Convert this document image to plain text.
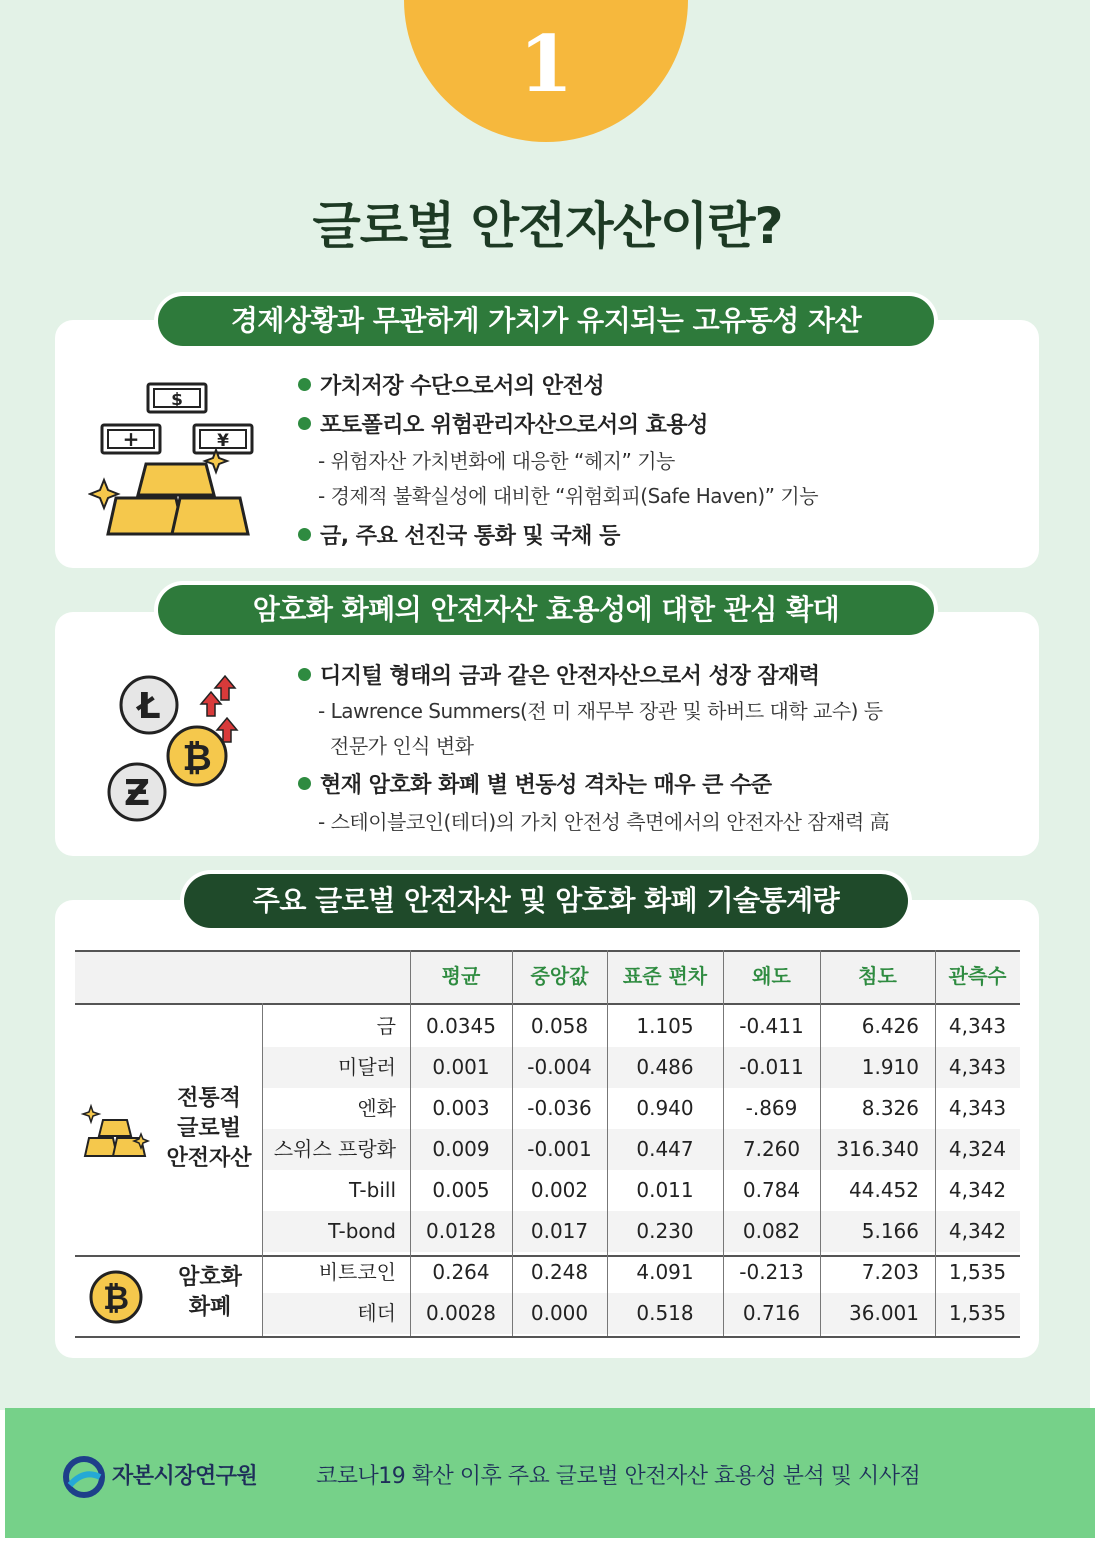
1
글로벌 안전자산이란?
경제상황과 무관하게 가치가 유지되는 고유동성 자산
$
+	¥
가치저장 수단으로서의 안전성
포토폴리오 위험관리자산으로서의 효용성
- 위험자산 가치변화에 대응한 “헤지” 기능
- 경제적 불확실성에 대비한 “위험회피(Safe Haven)” 기능
금, 주요 선진국 통화 및 국채 등
암호화 화폐의 안전자산 효용성에 대한 관심 확대
Ł
Ƶ
₿
디지털 형태의 금과 같은 안전자산으로서 성장 잠재력
- Lawrence Summers(전 미 재무부 장관 및 하버드 대학 교수) 등
전문가 인식 변화
현재 암호화 화폐 별 변동성 격차는 매우 큰 수준
- 스테이블코인(테더)의 가치 안전성 측면에서의 안전자산 잠재력 高
주요 글로벌 안전자산 및 암호화 화폐 기술통계량
평균	중앙값	표준 편차	왜도	첨도	관측수
금	0.0345	0.058	1.105	-0.411	6.426	4,343
미달러	0.001	-0.004	0.486	-0.011	1.910	4,343
엔화	0.003	-0.036	0.940	-.869	8.326	4,343
스위스 프랑화	0.009	-0.001	0.447	7.260	316.340	4,324
T-bill	0.005	0.002	0.011	0.784	44.452	4,342
T-bond	0.0128	0.017	0.230	0.082	5.166	4,342
전통적
글로벌
안전자산
비트코인	0.264	0.248	4.091	-0.213	7.203	1,535
테더	0.0028	0.000	0.518	0.716	36.001	1,535
암호화
화폐
₿
자본시장연구원	코로나19 확산 이후 주요 글로벌 안전자산 효용성 분석 및 시사점
